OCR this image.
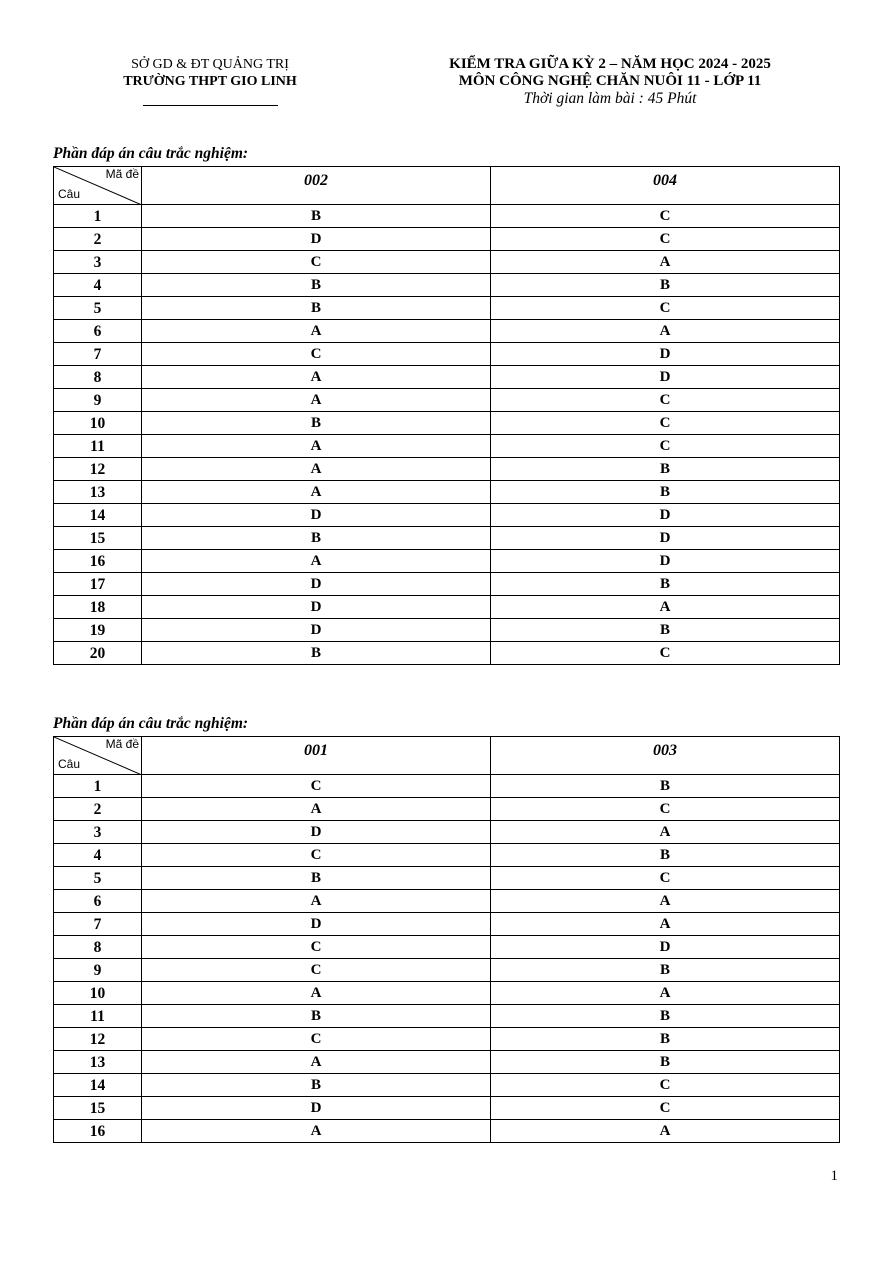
SỞ GD & ĐT QUẢNG TRỊ
TRƯỜNG THPT GIO LINH
KIỂM TRA GIỮA KỲ 2 – NĂM HỌC 2024 - 2025
MÔN CÔNG NGHỆ CHĂN NUÔI 11 - LỚP 11
Thời gian làm bài : 45 Phút
Phần đáp án câu trắc nghiệm:
Mã đề
Câu	002	004
1	B	C
2	D	C
3	C	A
4	B	B
5	B	C
6	A	A
7	C	D
8	A	D
9	A	C
10	B	C
11	A	C
12	A	B
13	A	B
14	D	D
15	B	D
16	A	D
17	D	B
18	D	A
19	D	B
20	B	C
Phần đáp án câu trắc nghiệm:
Mã đề
Câu	001	003
1	C	B
2	A	C
3	D	A
4	C	B
5	B	C
6	A	A
7	D	A
8	C	D
9	C	B
10	A	A
11	B	B
12	C	B
13	A	B
14	B	C
15	D	C
16	A	A
1
